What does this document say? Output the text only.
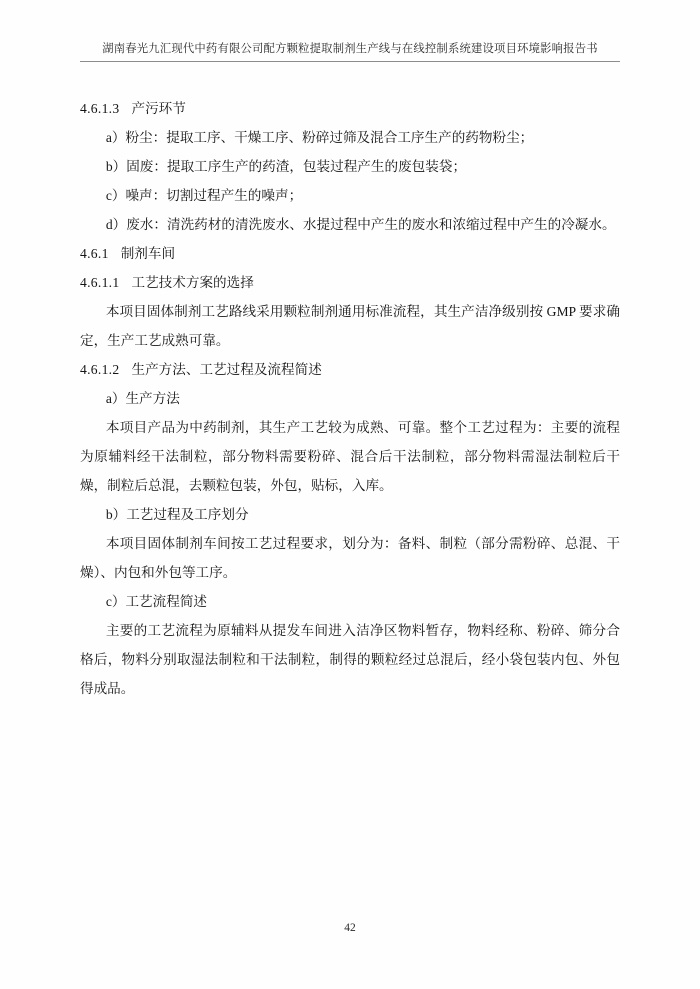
湖南春光九汇现代中药有限公司配方颗粒提取制剂生产线与在线控制系统建设项目环境影响报告书

4.6.1.3 产污环节

a）粉尘：提取工序、干燥工序、粉碎过筛及混合工序生产的药物粉尘；

b）固废：提取工序生产的药渣，包装过程产生的废包装袋；

c）噪声：切割过程产生的噪声；

d）废水：清洗药材的清洗废水、水提过程中产生的废水和浓缩过程中产生的冷凝水。

4.6.1 制剂车间

4.6.1.1 工艺技术方案的选择

本项目固体制剂工艺路线采用颗粒制剂通用标准流程，其生产洁净级别按 GMP 要求确定，生产工艺成熟可靠。

4.6.1.2 生产方法、工艺过程及流程简述

a）生产方法

本项目产品为中药制剂，其生产工艺较为成熟、可靠。整个工艺过程为：主要的流程为原辅料经干法制粒，部分物料需要粉碎、混合后干法制粒，部分物料需湿法制粒后干燥，制粒后总混，去颗粒包装，外包，贴标，入库。

b）工艺过程及工序划分

本项目固体制剂车间按工艺过程要求，划分为：备料、制粒（部分需粉碎、总混、干燥）、内包和外包等工序。

c）工艺流程简述

主要的工艺流程为原辅料从提发车间进入洁净区物料暂存，物料经称、粉碎、筛分合格后，物料分别取湿法制粒和干法制粒，制得的颗粒经过总混后，经小袋包装内包、外包得成品。

42
